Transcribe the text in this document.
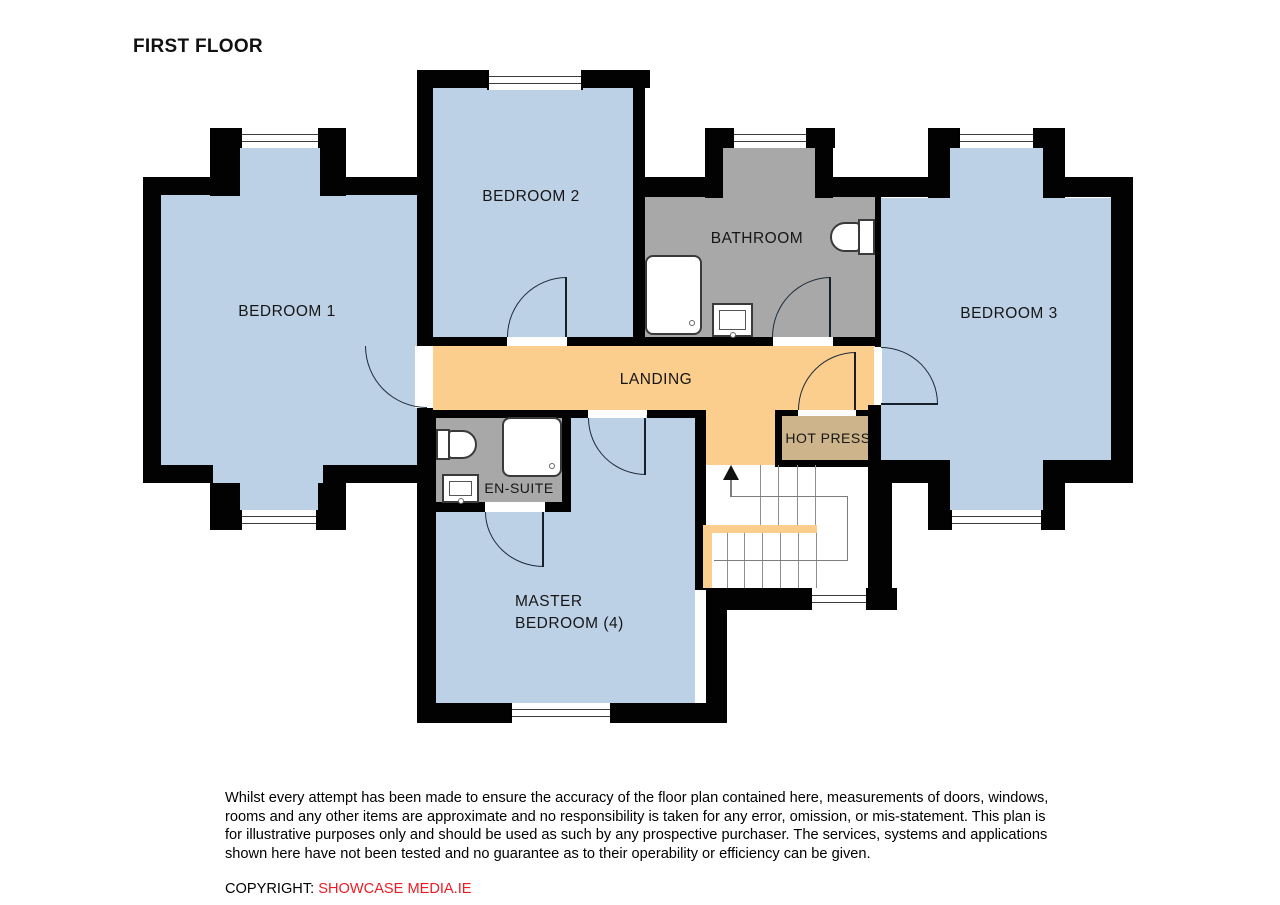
FIRST FLOOR
BEDROOM 1
BEDROOM 2
BATHROOM
BEDROOM 3
LANDING
HOT PRESS
EN-SUITE
MASTER
BEDROOM (4)
Whilst every attempt has been made to ensure the accuracy of the floor plan contained here, measurements of doors, windows, rooms and any other items are approximate and no responsibility is taken for any error, omission, or mis-statement. This plan is for illustrative purposes only and should be used as such by any prospective purchaser. The services, systems and applications shown here have not been tested and no guarantee as to their operability or efficiency can be given.
COPYRIGHT: SHOWCASE MEDIA.IE
